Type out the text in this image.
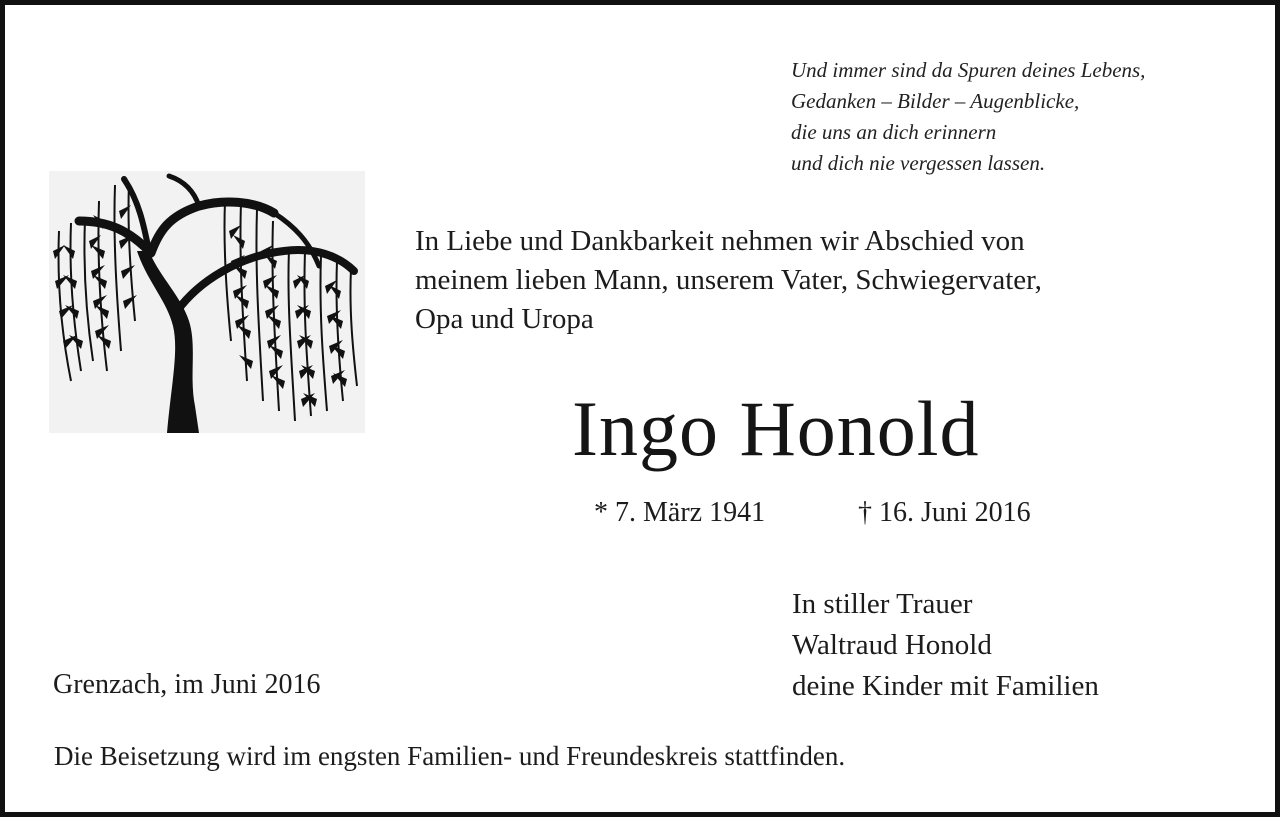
Und immer sind da Spuren deines Lebens,
Gedanken – Bilder – Augenblicke,
die uns an dich erinnern
und dich nie vergessen lassen.
In Liebe und Dankbarkeit nehmen wir Abschied von
meinem lieben Mann, unserem Vater, Schwiegervater,
Opa und Uropa
Ingo Honold
* 7. März 1941	† 16. Juni 2016
In stiller Trauer
Waltraud Honold
deine Kinder mit Familien
Grenzach, im Juni 2016
Die Beisetzung wird im engsten Familien- und Freundeskreis stattfinden.
